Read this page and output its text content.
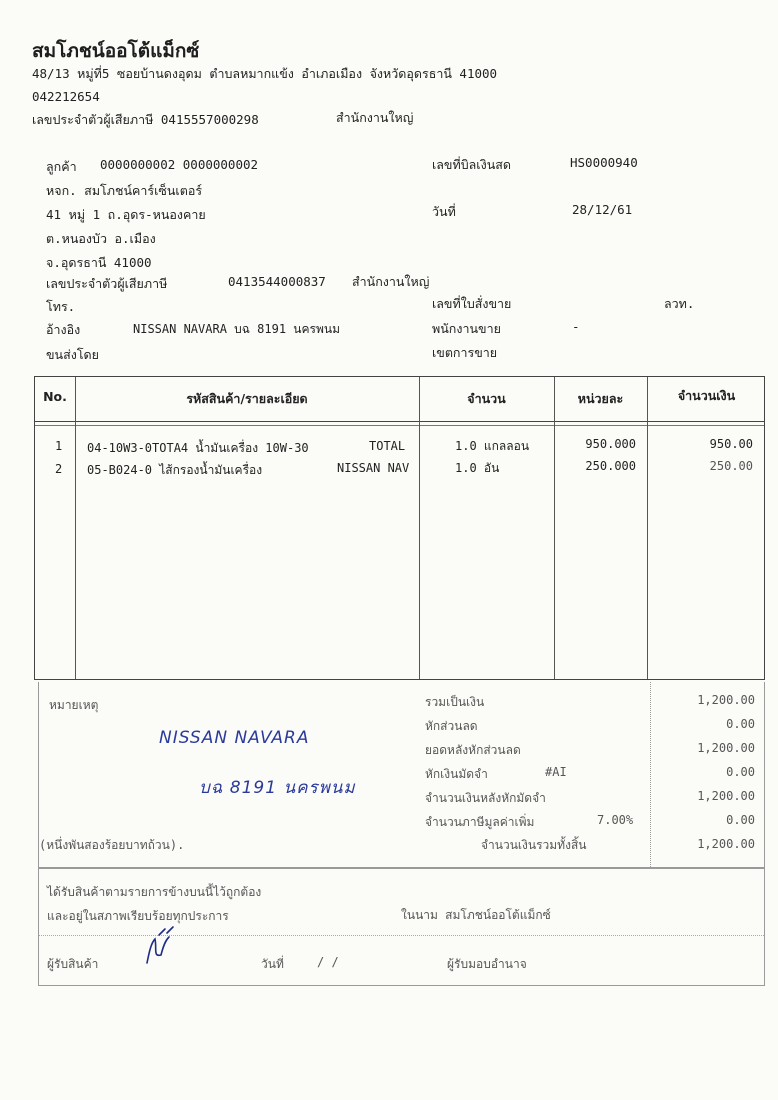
สมโภชน์ออโต้แม็กซ์
48/13 หมู่ที่5 ซอยบ้านดงอุดม ตำบลหมากแข้ง อำเภอเมือง จังหวัดอุดรธานี 41000
042212654
เลขประจำตัวผู้เสียภาษี 0415557000298	สำนักงานใหญ่
ลูกค้า 0000000002 0000000002
หจก. สมโภชน์คาร์เซ็นเตอร์
41 หมู่ 1 ถ.อุดร-หนองคาย
ต.หนองบัว อ.เมือง
จ.อุดรธานี 41000
เลขประจำตัวผู้เสียภาษี	0413544000837 สำนักงานใหญ่
โทร.
อ้างอิง	NISSAN NAVARA บฉ 8191 นครพนม
ขนส่งโดย
เลขที่บิลเงินสด	HS0000940
วันที่	28/12/61
เลขที่ใบสั่งขาย	ลวท.
พนักงานขาย	-
เขตการขาย
No.	รหัสสินค้า/รายละเอียด	จำนวน	หน่วยละ	จำนวนเงิน
1 04-10W3-0TOTA4 น้ำมันเครื่อง 10W-30	TOTAL	1.0 แกลลอน	950.000	950.00
2 05-B024-0 ไส้กรองน้ำมันเครื่อง	NISSAN NAV	1.0 อัน	250.000	250.00
หมายเหตุ
NISSAN NAVARA
บฉ 8191 นครพนม
(หนึ่งพันสองร้อยบาทถ้วน).
รวมเป็นเงิน	1,200.00
หักส่วนลด	0.00
ยอดหลังหักส่วนลด	1,200.00
หักเงินมัดจำ	#AI	0.00
จำนวนเงินหลังหักมัดจำ	1,200.00
จำนวนภาษีมูลค่าเพิ่ม	7.00%	0.00
จำนวนเงินรวมทั้งสิ้น	1,200.00
ได้รับสินค้าตามรายการข้างบนนี้ไว้ถูกต้อง
และอยู่ในสภาพเรียบร้อยทุกประการ	ในนาม สมโภชน์ออโต้แม็กซ์
ผู้รับสินค้า	วันที่	/ /	ผู้รับมอบอำนาจ
